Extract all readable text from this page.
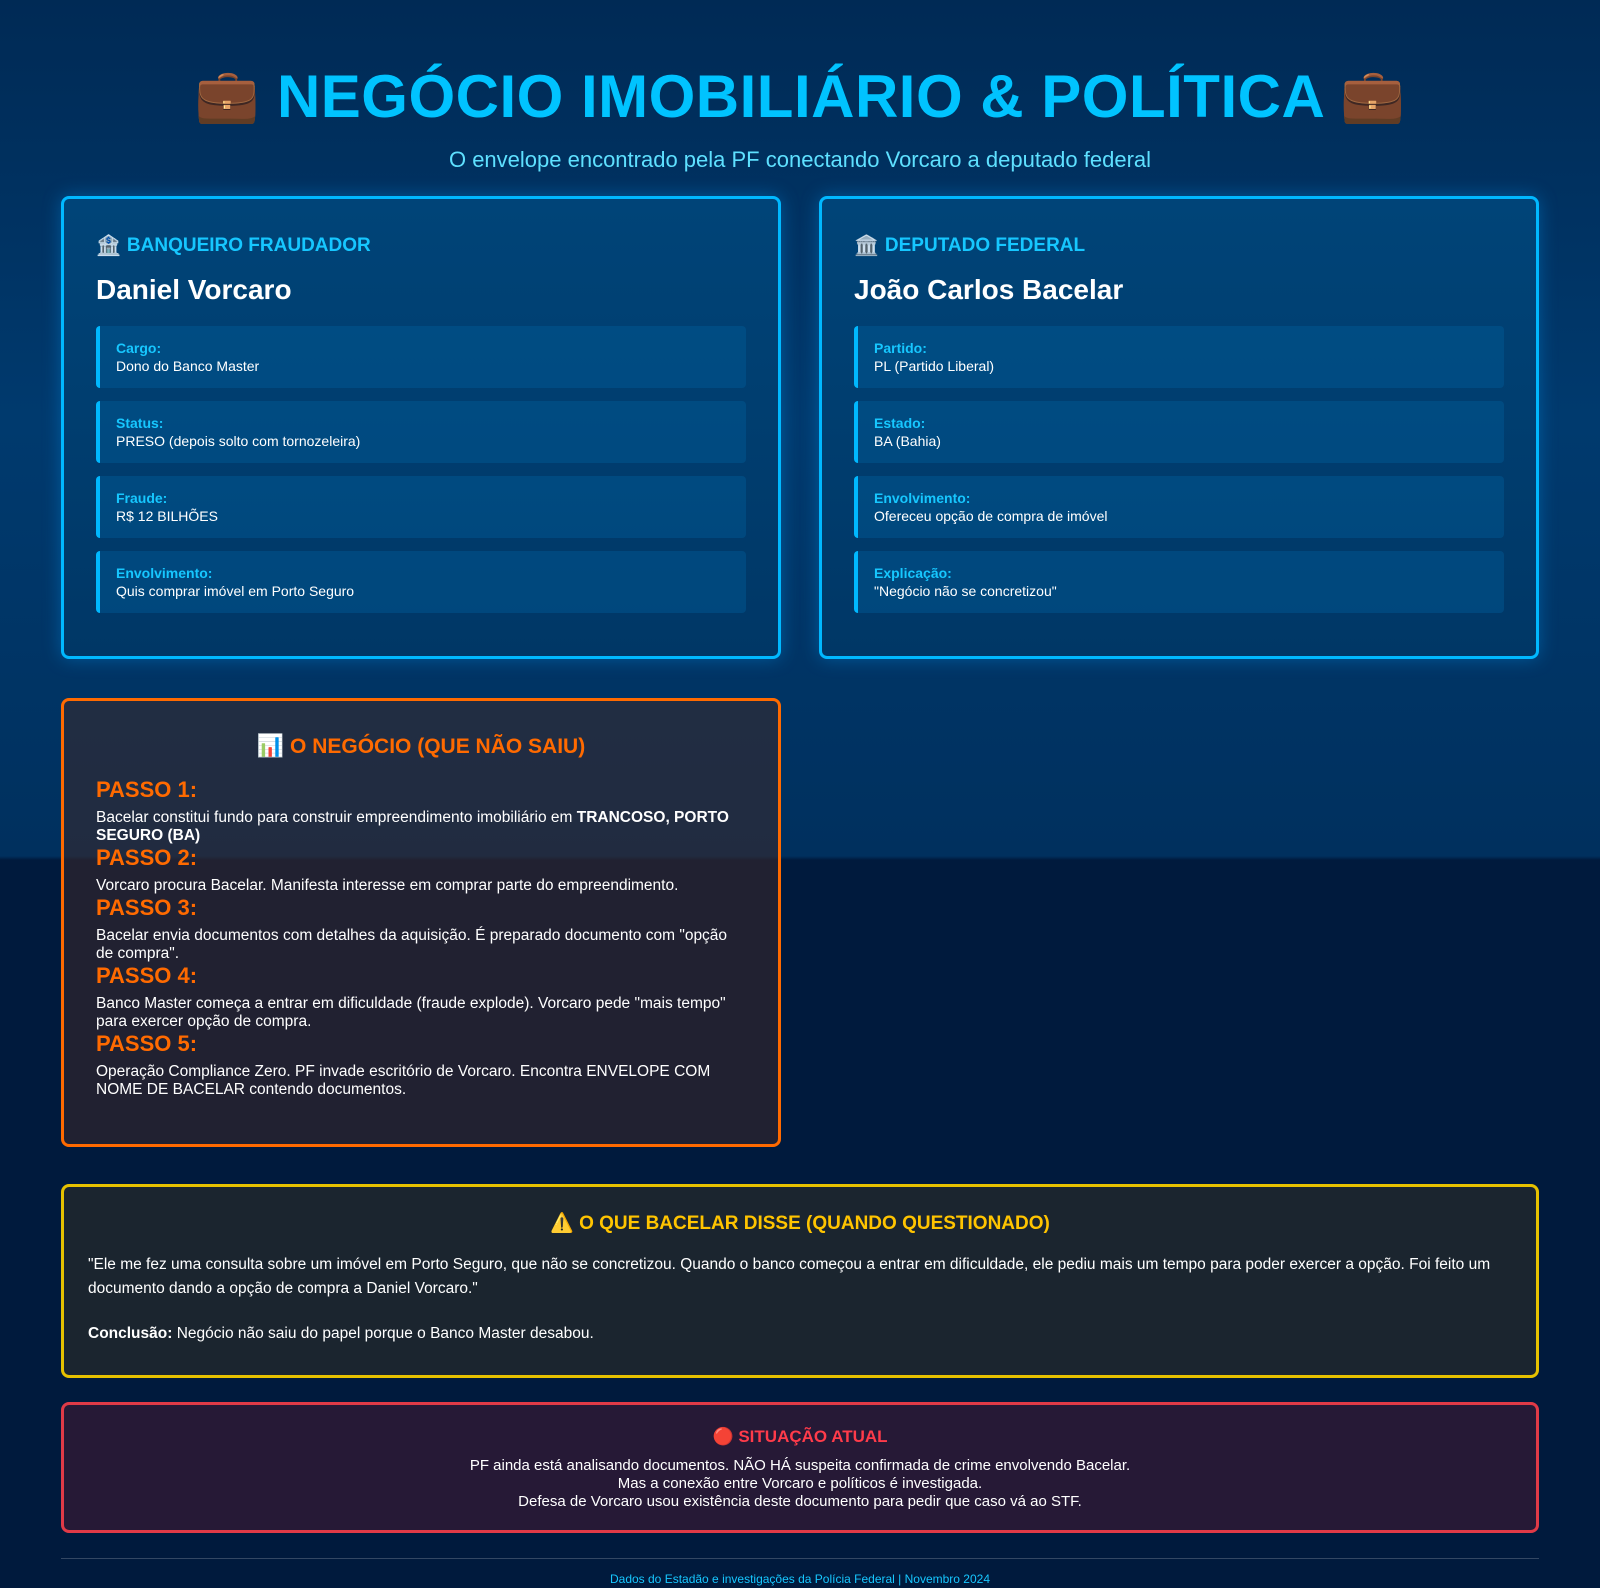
💼 NEGÓCIO IMOBILIÁRIO & POLÍTICA 💼
O envelope encontrado pela PF conectando Vorcaro a deputado federal
🏦 BANQUEIRO FRAUDADOR
Daniel Vorcaro
Cargo:
Dono do Banco Master
Status:
PRESO (depois solto com tornozeleira)
Fraude:
R$ 12 BILHÕES
Envolvimento:
Quis comprar imóvel em Porto Seguro
🏛️ DEPUTADO FEDERAL
João Carlos Bacelar
Partido:
PL (Partido Liberal)
Estado:
BA (Bahia)
Envolvimento:
Ofereceu opção de compra de imóvel
Explicação:
"Negócio não se concretizou"
📊 O NEGÓCIO (QUE NÃO SAIU)
PASSO 1:
Bacelar constitui fundo para construir empreendimento imobiliário em TRANCOSO, PORTO SEGURO (BA)
PASSO 2:
Vorcaro procura Bacelar. Manifesta interesse em comprar parte do empreendimento.
PASSO 3:
Bacelar envia documentos com detalhes da aquisição. É preparado documento com "opção de compra".
PASSO 4:
Banco Master começa a entrar em dificuldade (fraude explode). Vorcaro pede "mais tempo" para exercer opção de compra.
PASSO 5:
Operação Compliance Zero. PF invade escritório de Vorcaro. Encontra ENVELOPE COM NOME DE BACELAR contendo documentos.
⚠️ O QUE BACELAR DISSE (QUANDO QUESTIONADO)
"Ele me fez uma consulta sobre um imóvel em Porto Seguro, que não se concretizou. Quando o banco começou a entrar em dificuldade, ele pediu mais um tempo para poder exercer a opção. Foi feito um documento dando a opção de compra a Daniel Vorcaro."
Conclusão: Negócio não saiu do papel porque o Banco Master desabou.
🔴 SITUAÇÃO ATUAL
PF ainda está analisando documentos. NÃO HÁ suspeita confirmada de crime envolvendo Bacelar.
Mas a conexão entre Vorcaro e políticos é investigada.
Defesa de Vorcaro usou existência deste documento para pedir que caso vá ao STF.
Dados do Estadão e investigações da Polícia Federal | Novembro 2024
